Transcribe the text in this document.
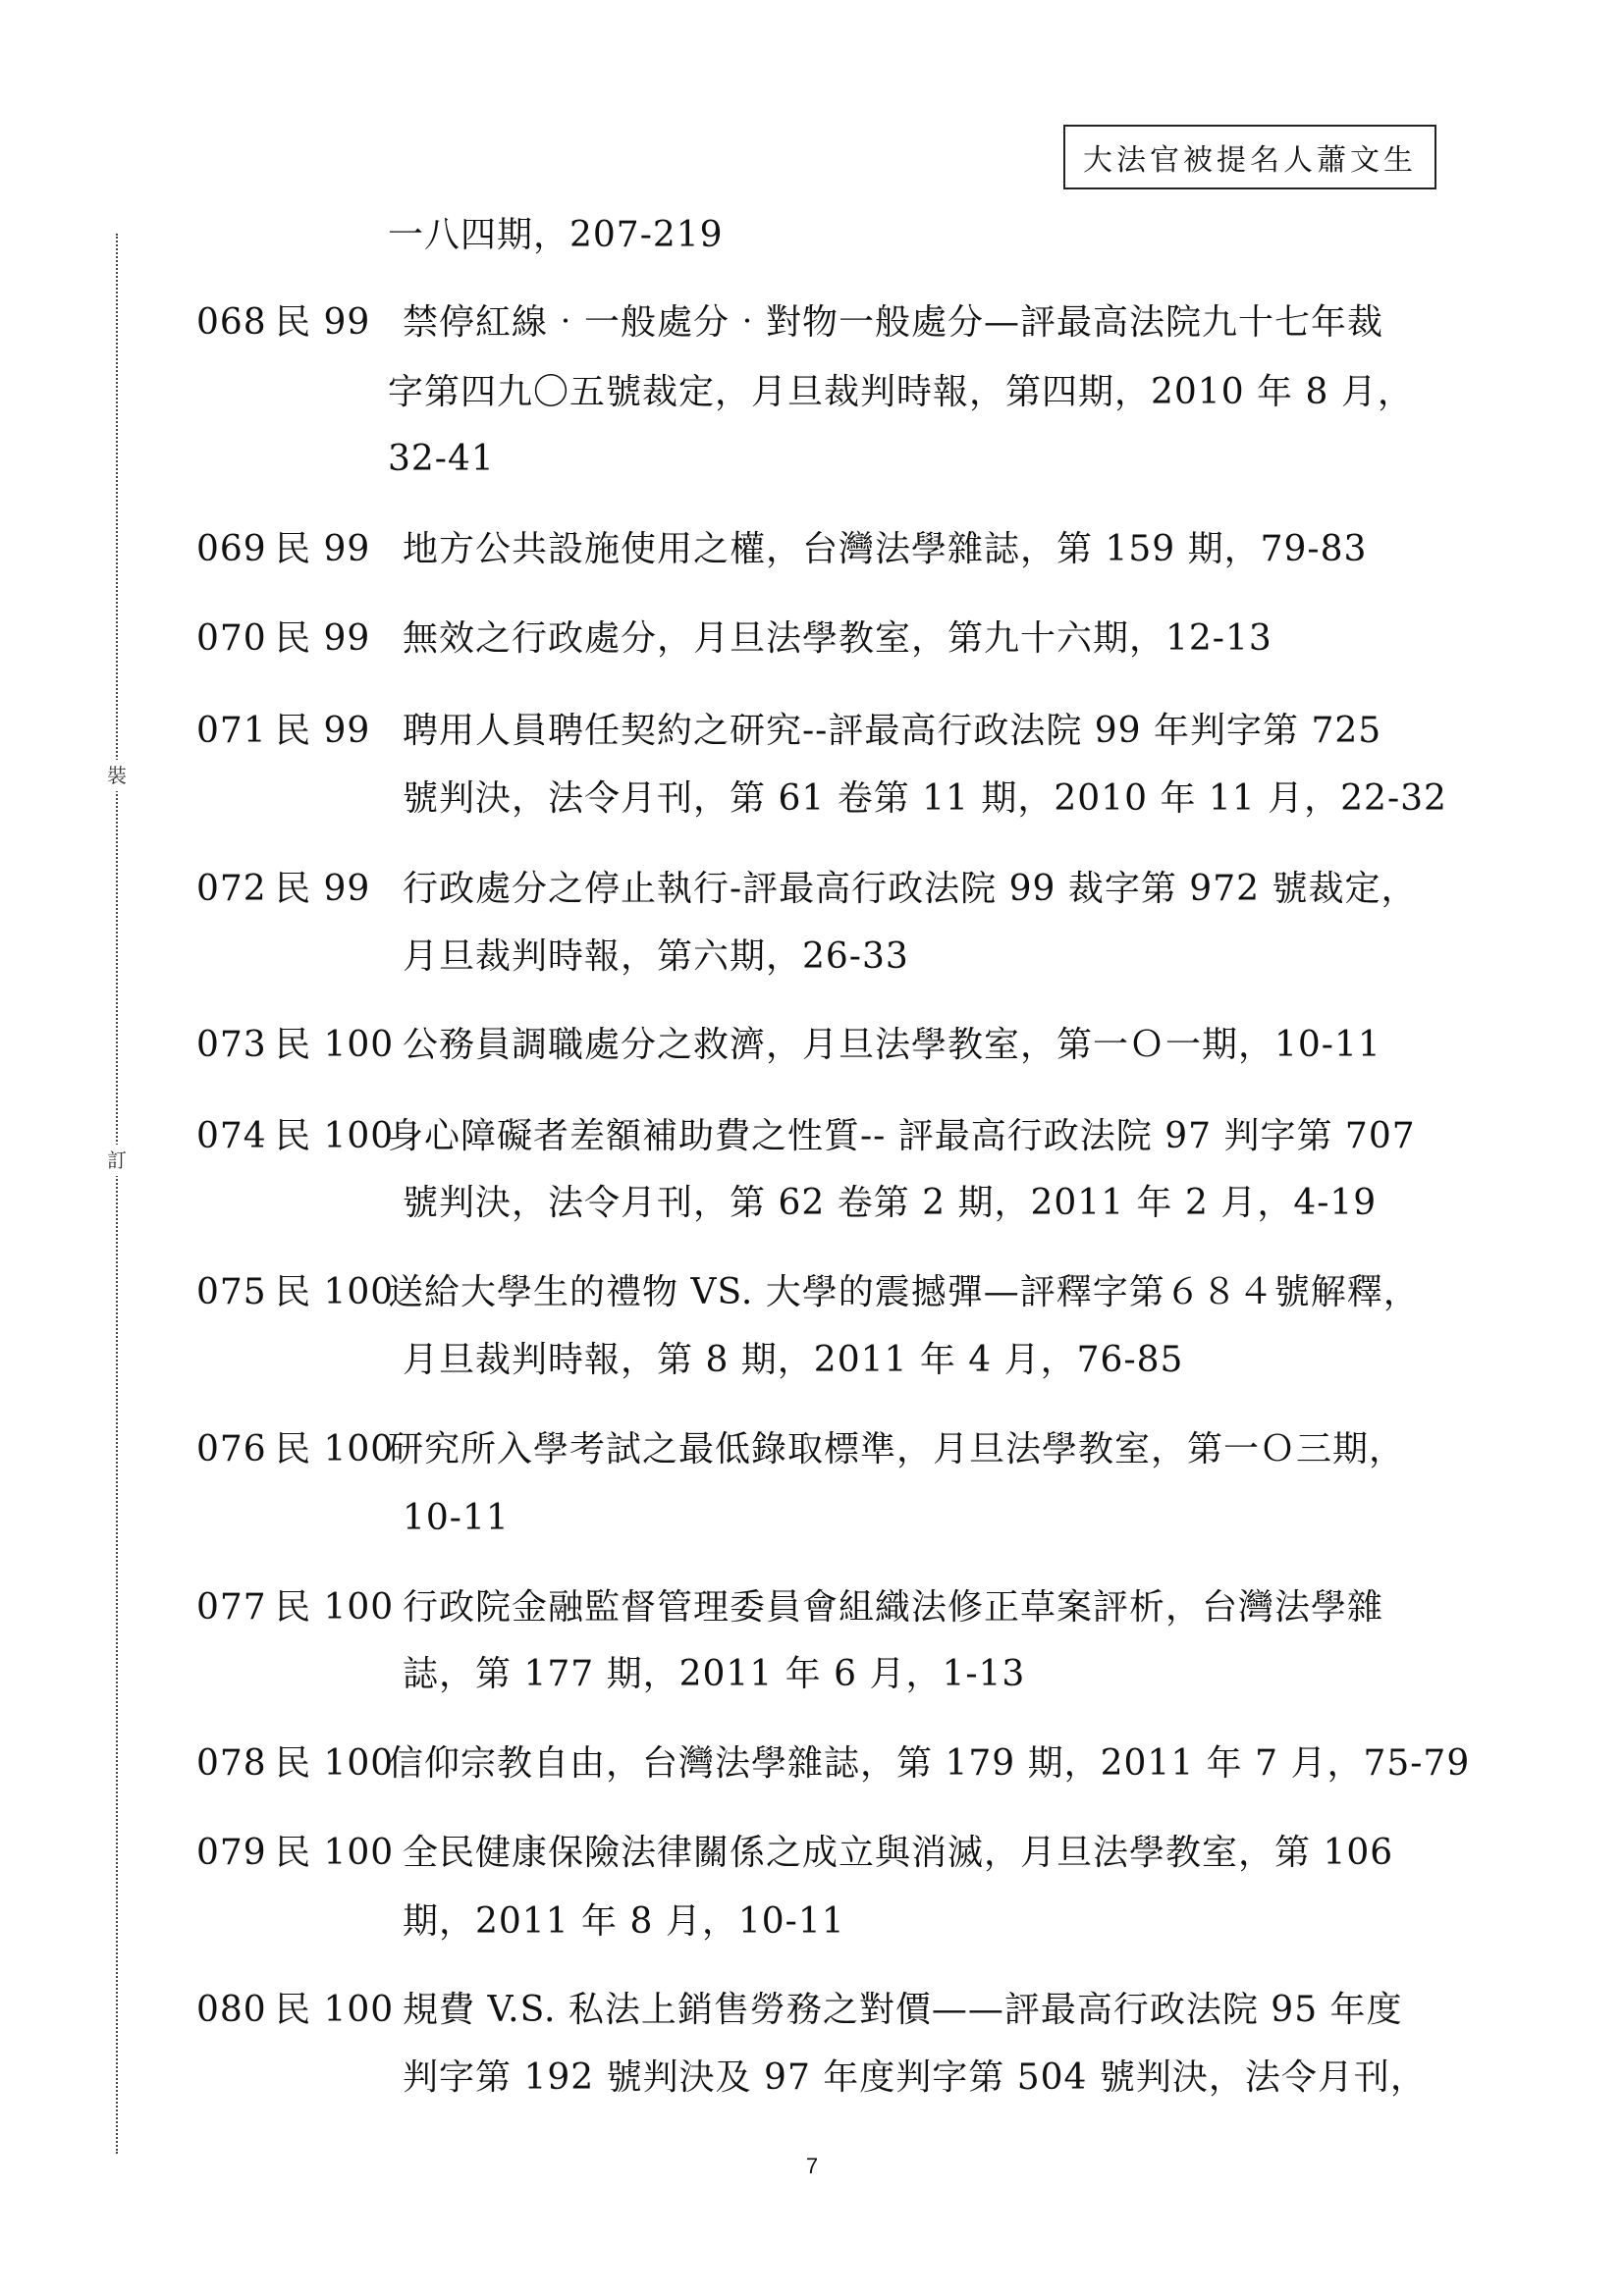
大法官被提名人蕭文生
裝
訂
一八四期，207-219
068 民 99 禁停紅線‧一般處分‧對物一般處分—評最高法院九十七年裁
字第四九〇五號裁定，月旦裁判時報，第四期，2010 年 8 月，
32-41
069 民 99 地方公共設施使用之權，台灣法學雜誌，第 159 期，79-83
070 民 99 無效之行政處分，月旦法學教室，第九十六期，12-13
071 民 99 聘用人員聘任契約之研究--評最高行政法院 99 年判字第 725
號判決，法令月刊，第 61 卷第 11 期，2010 年 11 月，22-32
072 民 99 行政處分之停止執行-評最高行政法院 99 裁字第 972 號裁定，
月旦裁判時報，第六期，26-33
073 民 100 公務員調職處分之救濟，月旦法學教室，第一Ｏ一期，10-11
074 民 100
身心障礙者差額補助費之性質-- 評最高行政法院 97 判字第 707
號判決，法令月刊，第 62 卷第 2 期，2011 年 2 月，4-19
075 民 100
送給大學生的禮物 VS. 大學的震撼彈—評釋字第６８４號解釋，
月旦裁判時報，第 8 期，2011 年 4 月，76-85
076 民 100
研究所入學考試之最低錄取標準，月旦法學教室，第一Ｏ三期，
10-11
077 民 100 行政院金融監督管理委員會組織法修正草案評析，台灣法學雜
誌，第 177 期，2011 年 6 月，1-13
078 民 100
信仰宗教自由，台灣法學雜誌，第 179 期，2011 年 7 月，75-79
079 民 100 全民健康保險法律關係之成立與消滅，月旦法學教室，第 106
期，2011 年 8 月，10-11
080 民 100 規費 V.S. 私法上銷售勞務之對價——評最高行政法院 95 年度
判字第 192 號判決及 97 年度判字第 504 號判決，法令月刊，
7
